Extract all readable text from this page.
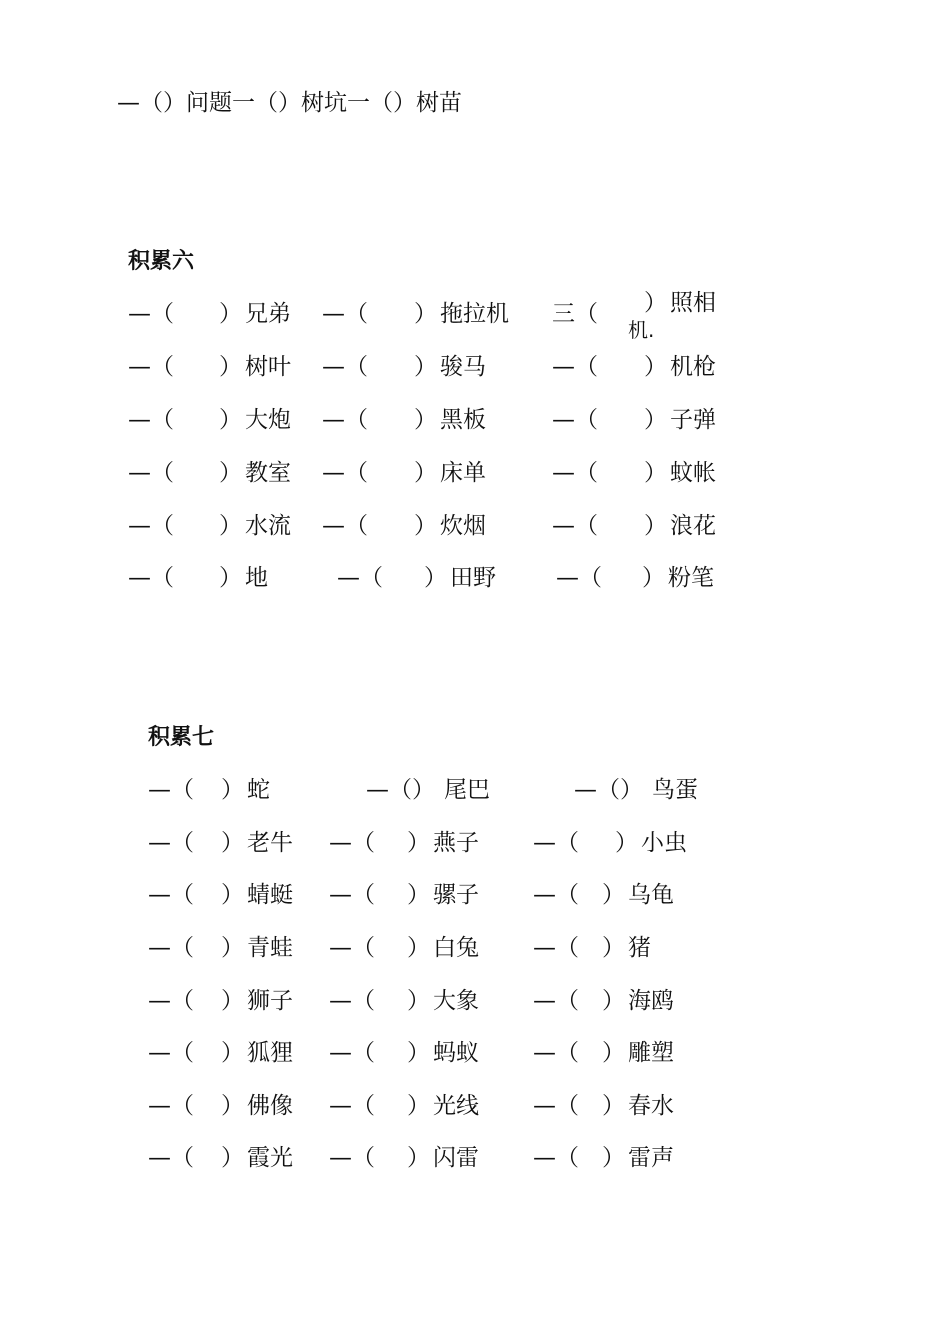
—（）问题一（）树坑一（）树苗
积累六
—（ ） 兄弟 —（ ） 拖拉机 三（ ） 照相
机.
—（ ） 树叶 —（ ） 骏马	—（ ） 机枪
—（ ） 大炮 —（ ） 黑板	—（ ） 子弹
—（ ） 教室 —（ ） 床单	—（ ） 蚊帐
—（ ） 水流 —（ ） 炊烟	—（ ） 浪花
—（ ） 地	—（ ） 田野	—（ ） 粉笔
积累七
—（ ） 蛇	—（） 尾巴	—（） 鸟蛋
—（ ） 老牛 —（ ） 燕子 —（ ） 小虫
—（ ） 蜻蜓 —（ ） 骡子 —（ ） 乌龟
—（ ） 青蛙 —（ ） 白兔 —（ ） 猪
—（ ） 狮子 —（ ） 大象 —（ ） 海鸥
—（ ） 狐狸 —（ ） 蚂蚁 —（ ） 雕塑
—（ ） 佛像 —（ ） 光线 —（ ） 春水
—（ ） 霞光 —（ ） 闪雷 —（ ） 雷声
